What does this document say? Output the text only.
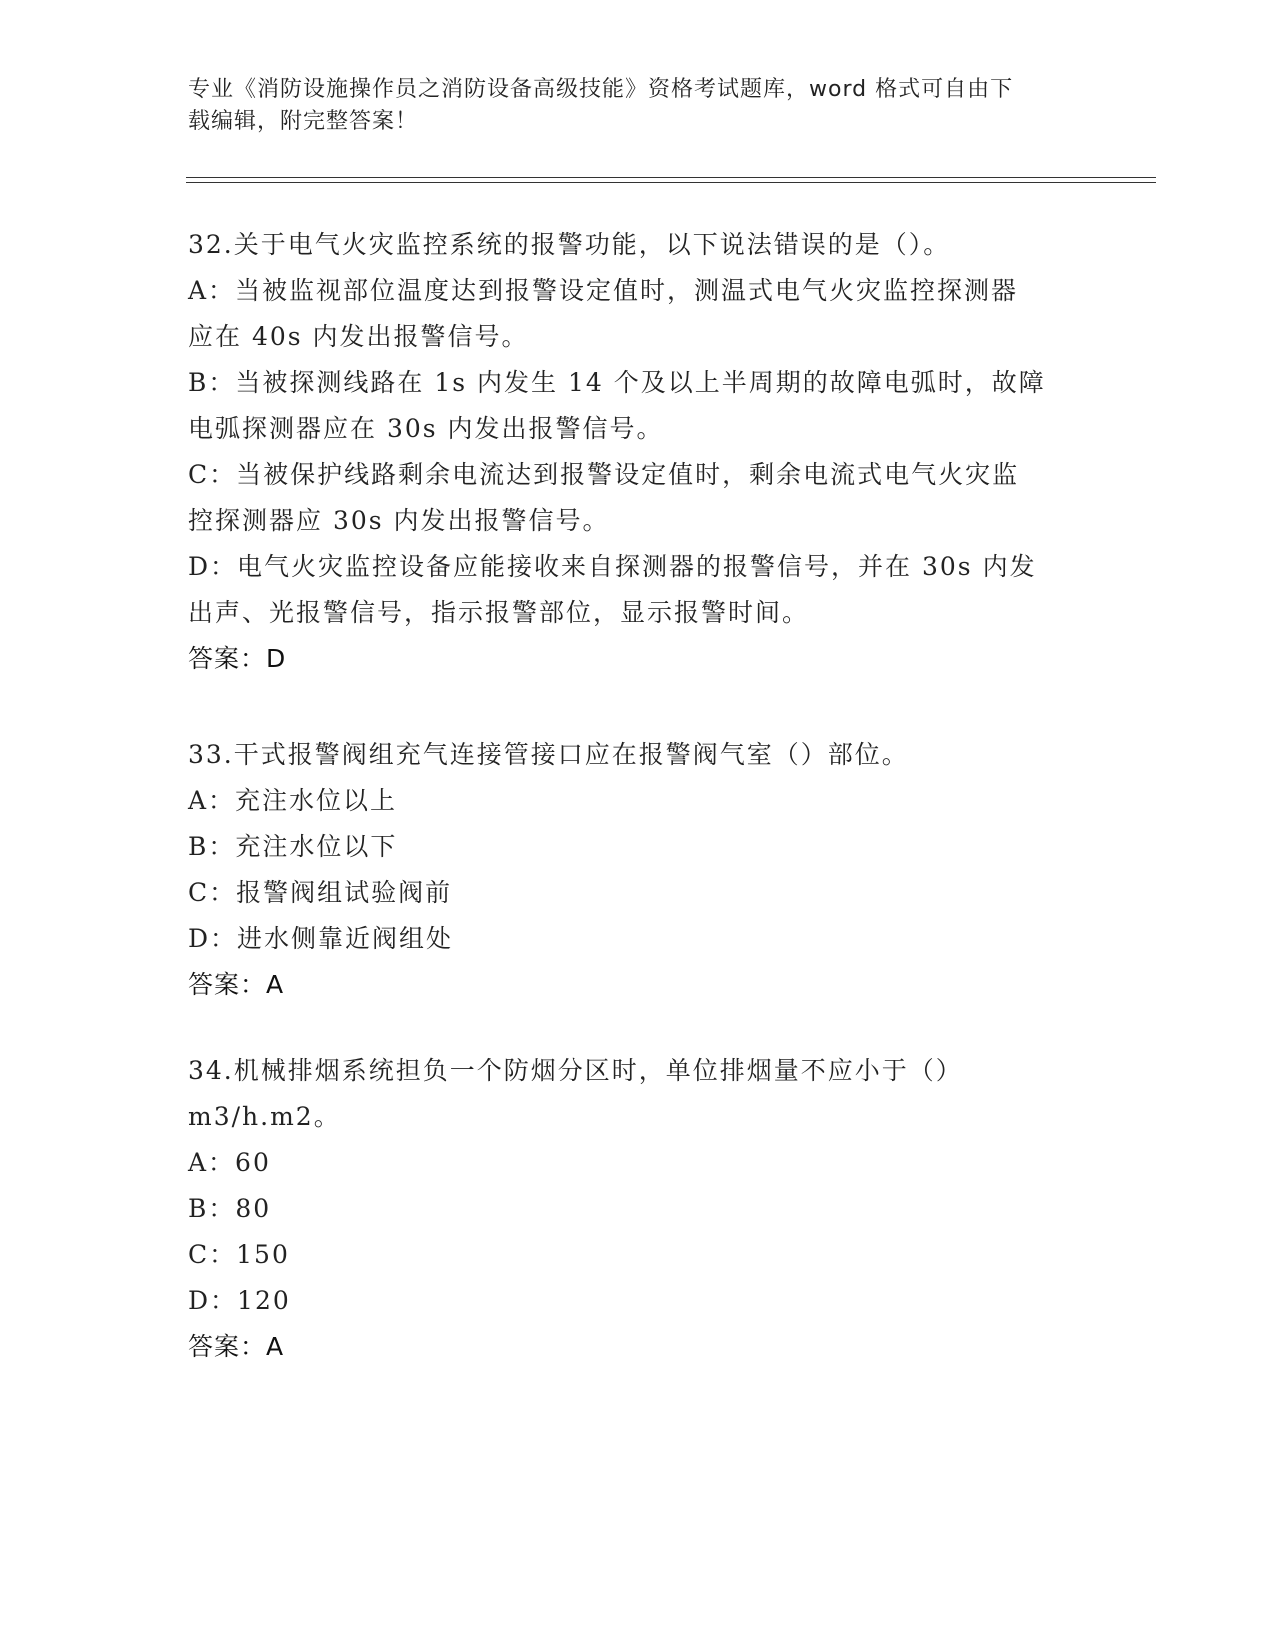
专业《消防设施操作员之消防设备高级技能》资格考试题库，word 格式可自由下
载编辑，附完整答案！
32.关于电气火灾监控系统的报警功能，以下说法错误的是（）。
A：当被监视部位温度达到报警设定值时，测温式电气火灾监控探测器
应在 40s 内发出报警信号。
B：当被探测线路在 1s 内发生 14 个及以上半周期的故障电弧时，故障
电弧探测器应在 30s 内发出报警信号。
C：当被保护线路剩余电流达到报警设定值时，剩余电流式电气火灾监
控探测器应 30s 内发出报警信号。
D：电气火灾监控设备应能接收来自探测器的报警信号，并在 30s 内发
出声、光报警信号，指示报警部位，显示报警时间。
答案：D
33.干式报警阀组充气连接管接口应在报警阀气室（）部位。
A：充注水位以上
B：充注水位以下
C：报警阀组试验阀前
D：进水侧靠近阀组处
答案：A
34.机械排烟系统担负一个防烟分区时，单位排烟量不应小于（）
m3/h.m2。
A：60
B：80
C：150
D：120
答案：A
